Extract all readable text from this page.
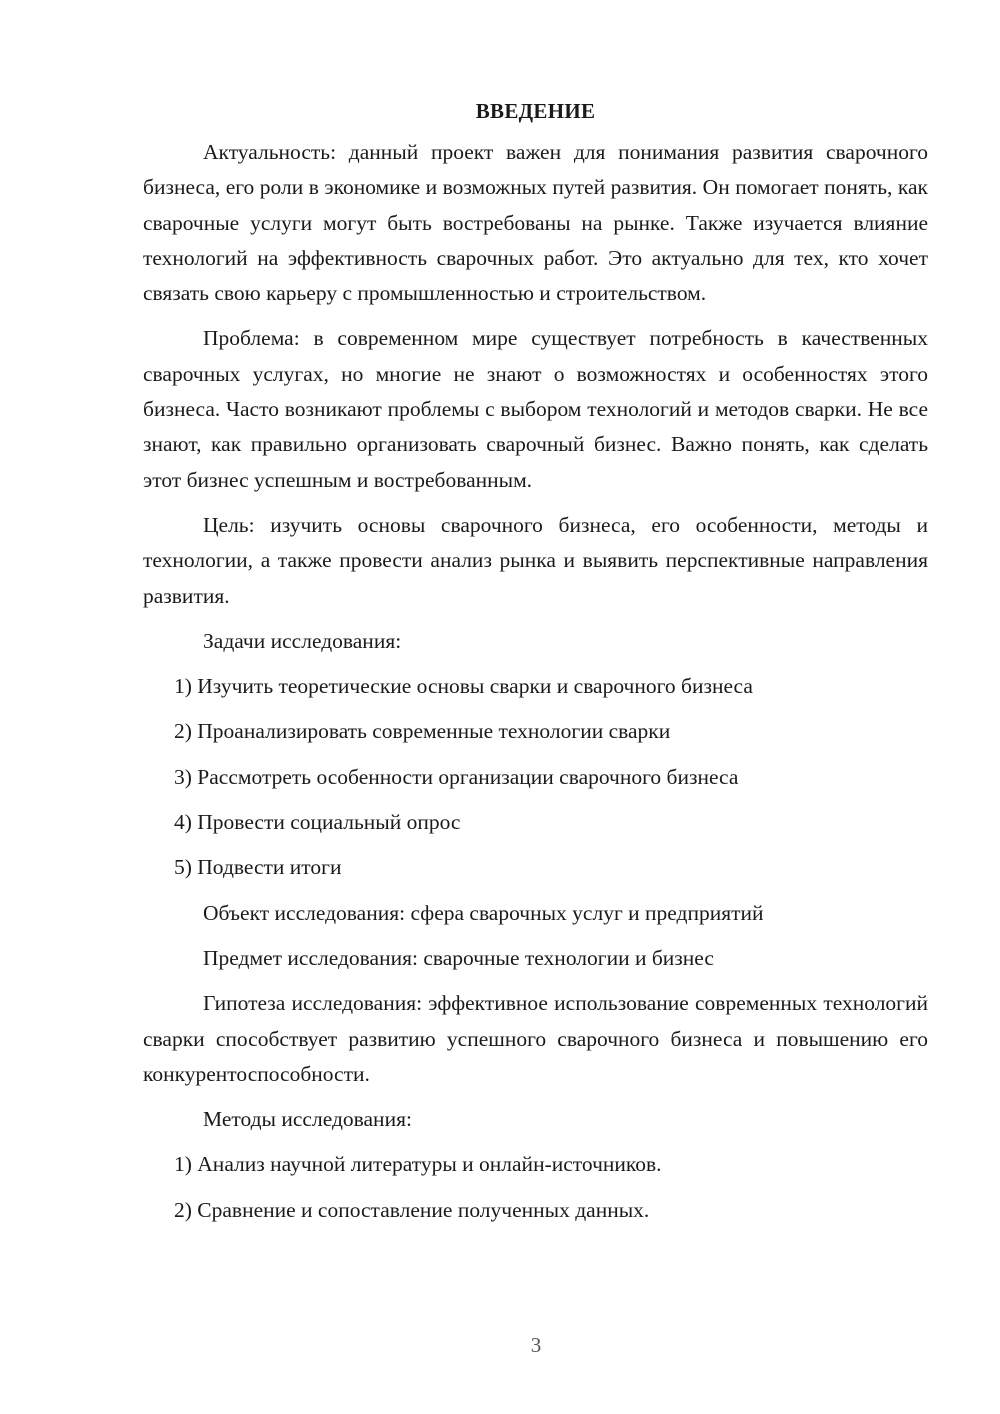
ВВЕДЕНИЕ

Актуальность: данный проект важен для понимания развития сварочного бизнеса, его роли в экономике и возможных путей развития. Он помогает понять, как сварочные услуги могут быть востребованы на рынке. Также изучается влияние технологий на эффективность сварочных работ. Это актуально для тех, кто хочет связать свою карьеру с промышленностью и строительством.

Проблема: в современном мире существует потребность в качественных сварочных услугах, но многие не знают о возможностях и особенностях этого бизнеса. Часто возникают проблемы с выбором технологий и методов сварки. Не все знают, как правильно организовать сварочный бизнес. Важно понять, как сделать этот бизнес успешным и востребованным.

Цель: изучить основы сварочного бизнеса, его особенности, методы и технологии, а также провести анализ рынка и выявить перспективные направления развития.

Задачи исследования:

1) Изучить теоретические основы сварки и сварочного бизнеса

2) Проанализировать современные технологии сварки

3) Рассмотреть особенности организации сварочного бизнеса

4) Провести социальный опрос

5) Подвести итоги

Объект исследования: сфера сварочных услуг и предприятий

Предмет исследования: сварочные технологии и бизнес

Гипотеза исследования: эффективное использование современных технологий сварки способствует развитию успешного сварочного бизнеса и повышению его конкурентоспособности.

Методы исследования:

1) Анализ научной литературы и онлайн-источников.

2) Сравнение и сопоставление полученных данных.

3
